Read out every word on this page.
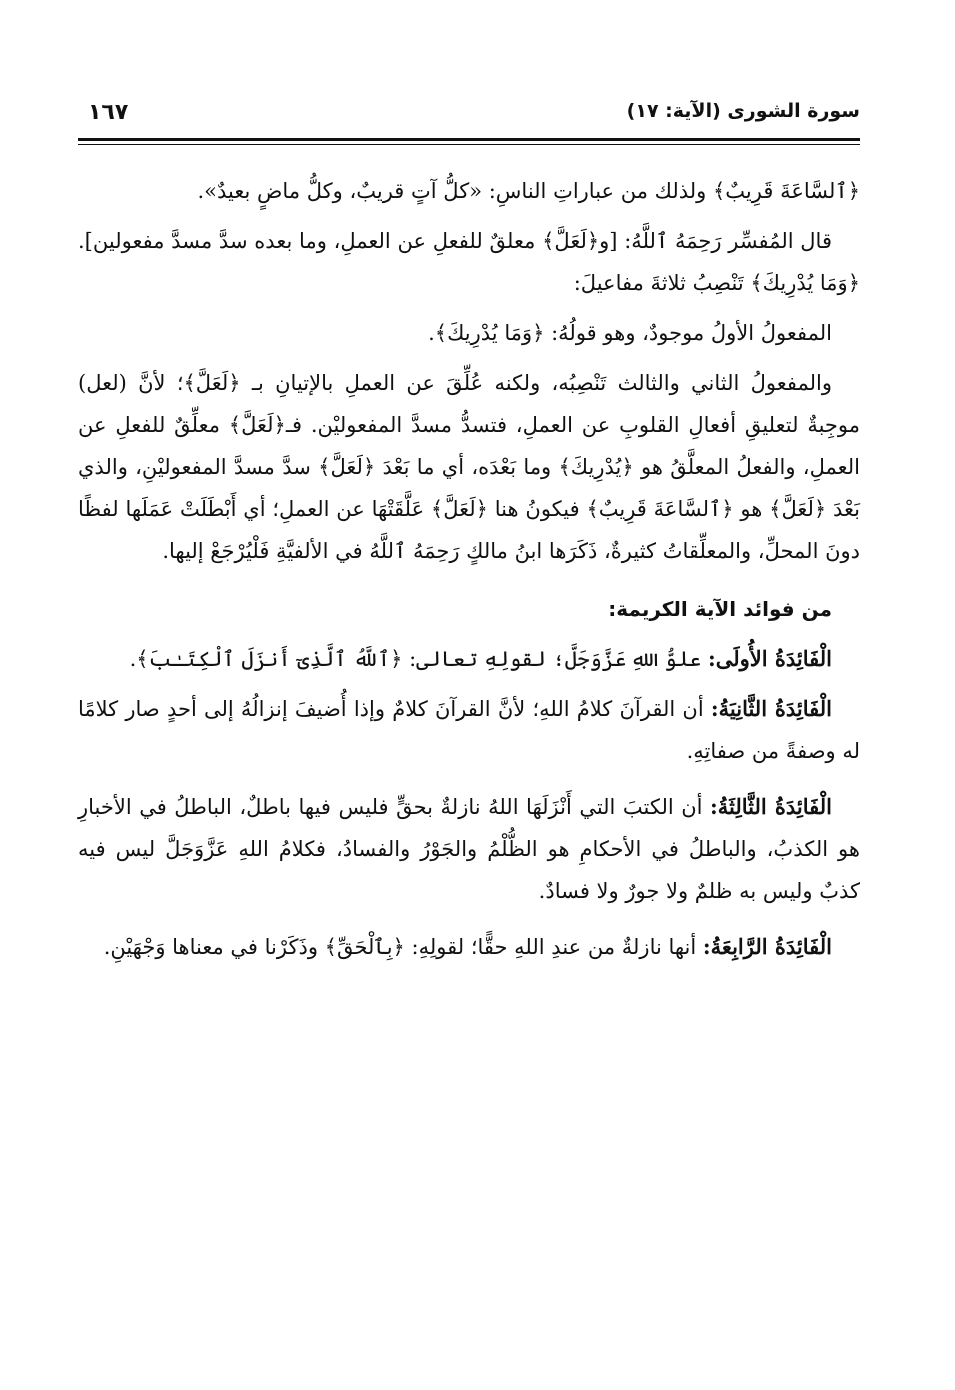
سورة الشورى (الآية: ١٧)
١٦٧

﴿ٱلسَّاعَةَ قَرِيبٌ﴾ ولذلك من عباراتِ الناسِ: «كلُّ آتٍ قريبٌ، وكلُّ ماضٍ بعيدٌ».

قال المُفسِّر رَحِمَهُ ٱللَّهُ: [و﴿لَعَلَّ﴾ معلقٌ للفعلِ عن العملِ، وما بعده سدَّ مسدَّ مفعولين]. ﴿وَمَا يُدْرِيكَ﴾ تَنْصِبُ ثلاثةَ مفاعيلَ:

المفعولُ الأولُ موجودٌ، وهو قولُهُ: ﴿وَمَا يُدْرِيكَ﴾.

والمفعولُ الثاني والثالث تَنْصِبُه، ولكنه عُلِّقَ عن العملِ بالإتيانِ بـ ﴿لَعَلَّ﴾؛ لأنَّ (لعل) موجِبةٌ لتعليقِ أفعالِ القلوبِ عن العملِ، فتسدُّ مسدَّ المفعوليْن. فـ﴿لَعَلَّ﴾ معلِّقٌ للفعلِ عن العملِ، والفعلُ المعلَّقُ هو ﴿يُدْرِيكَ﴾ وما بَعْدَه، أي ما بَعْدَ ﴿لَعَلَّ﴾ سدَّ مسدَّ المفعوليْنِ، والذي بَعْدَ ﴿لَعَلَّ﴾ هو ﴿ٱلسَّاعَةَ قَرِيبٌ﴾ فيكونُ هنا ﴿لَعَلَّ﴾ عَلَّقَتْهَا عن العملِ؛ أي أَبْطَلَتْ عَمَلَها لفظًا دونَ المحلِّ، والمعلِّقاتُ كثيرةٌ، ذَكَرَها ابنُ مالكٍ رَحِمَهُ ٱللَّهُ في الألفيَّةِ فَلْيُرْجَعْ إليها.

من فوائد الآية الكريمة:

الْفَائِدَةُ الأُولَى: علوُّ اللهِ عَزَّوَجَلَّ؛ لقولِهِ تعالى: ﴿ٱللَّهُ ٱلَّذِىٓ أَنزَلَ ٱلْكِتَـٰبَ﴾.

الْفَائِدَةُ الثَّانِيَةُ: أن القرآنَ كلامُ اللهِ؛ لأنَّ القرآنَ كلامٌ وإذا أُضيفَ إنزالُهُ إلى أحدٍ صار كلامًا له وصفةً من صفاتِهِ.

الْفَائِدَةُ الثَّالِثَةُ: أن الكتبَ التي أَنْزَلَهَا اللهُ نازلةٌ بحقٍّ فليس فيها باطلٌ، الباطلُ في الأخبارِ هو الكذبُ، والباطلُ في الأحكامِ هو الظُّلْمُ والجَوْرُ والفسادُ، فكلامُ اللهِ عَزَّوَجَلَّ ليس فيه كذبٌ وليس به ظلمٌ ولا جورٌ ولا فسادٌ.

الْفَائِدَةُ الرَّابِعَةُ: أنها نازلةٌ من عندِ اللهِ حقًّا؛ لقولِهِ: ﴿بِٱلْحَقِّ﴾ وذَكَرْنا في معناها وَجْهَيْنِ.
